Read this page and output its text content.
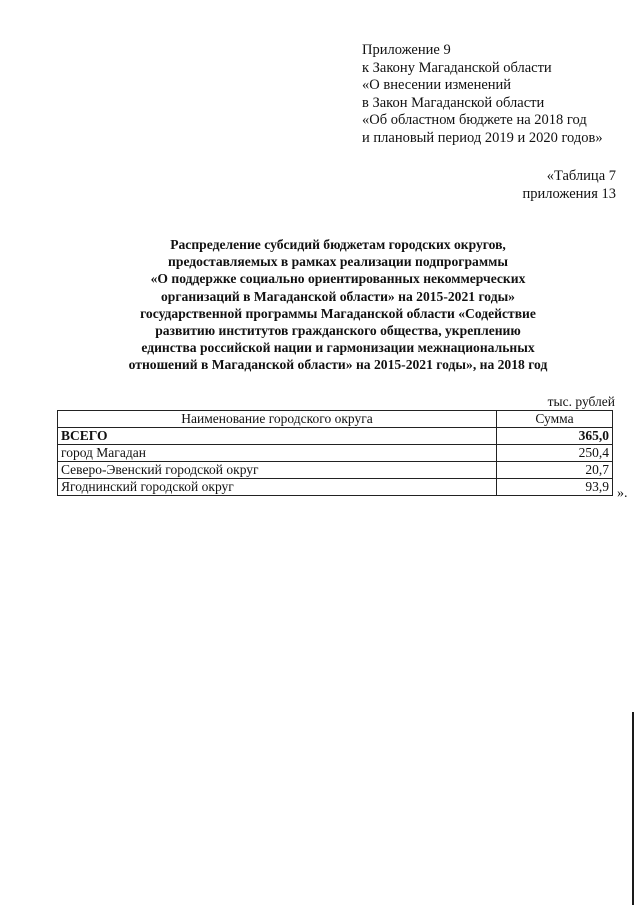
Приложение 9
к Закону Магаданской области
«О внесении изменений
в Закон Магаданской области
«Об областном бюджете на 2018 год
и плановый период 2019 и 2020 годов»
«Таблица 7
приложения 13
Распределение субсидий бюджетам городских округов,
предоставляемых в рамках реализации подпрограммы
«О поддержке социально ориентированных некоммерческих
организаций в Магаданской области» на 2015-2021 годы»
государственной программы Магаданской области «Содействие
развитию институтов гражданского общества, укреплению
единства российской нации и гармонизации межнациональных
отношений в Магаданской области» на 2015-2021 годы», на 2018 год
тыс. рублей
Наименование городского округа	Сумма
ВСЕГО	365,0
город Магадан	250,4
Северо-Эвенский городской округ	20,7
Ягоднинский городской округ	93,9 ».
